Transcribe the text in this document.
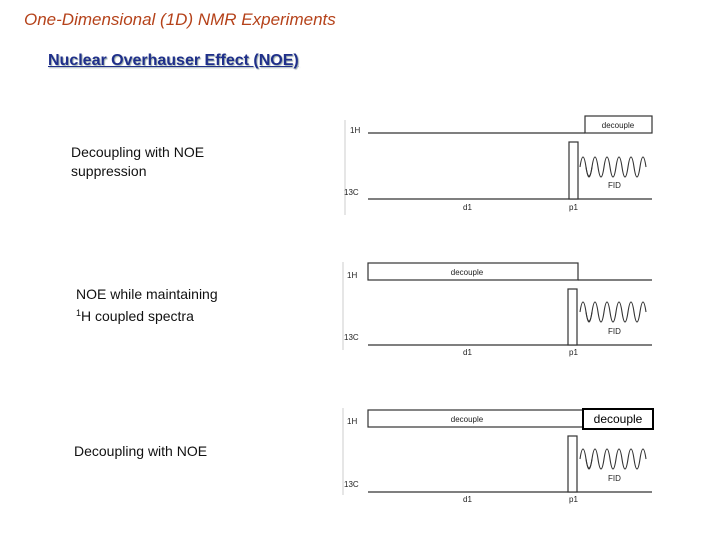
One-Dimensional (1D) NMR Experiments
Nuclear Overhauser Effect (NOE)
Decoupling with NOE
suppression
NOE while maintaining
$^1$H coupled spectra
Decoupling with NOE
1H
decouple
13C
FID
d1	p1
1H	decouple
13C
FID
d1	p1
1H	decouple
13C
FID
d1	p1
decouple
